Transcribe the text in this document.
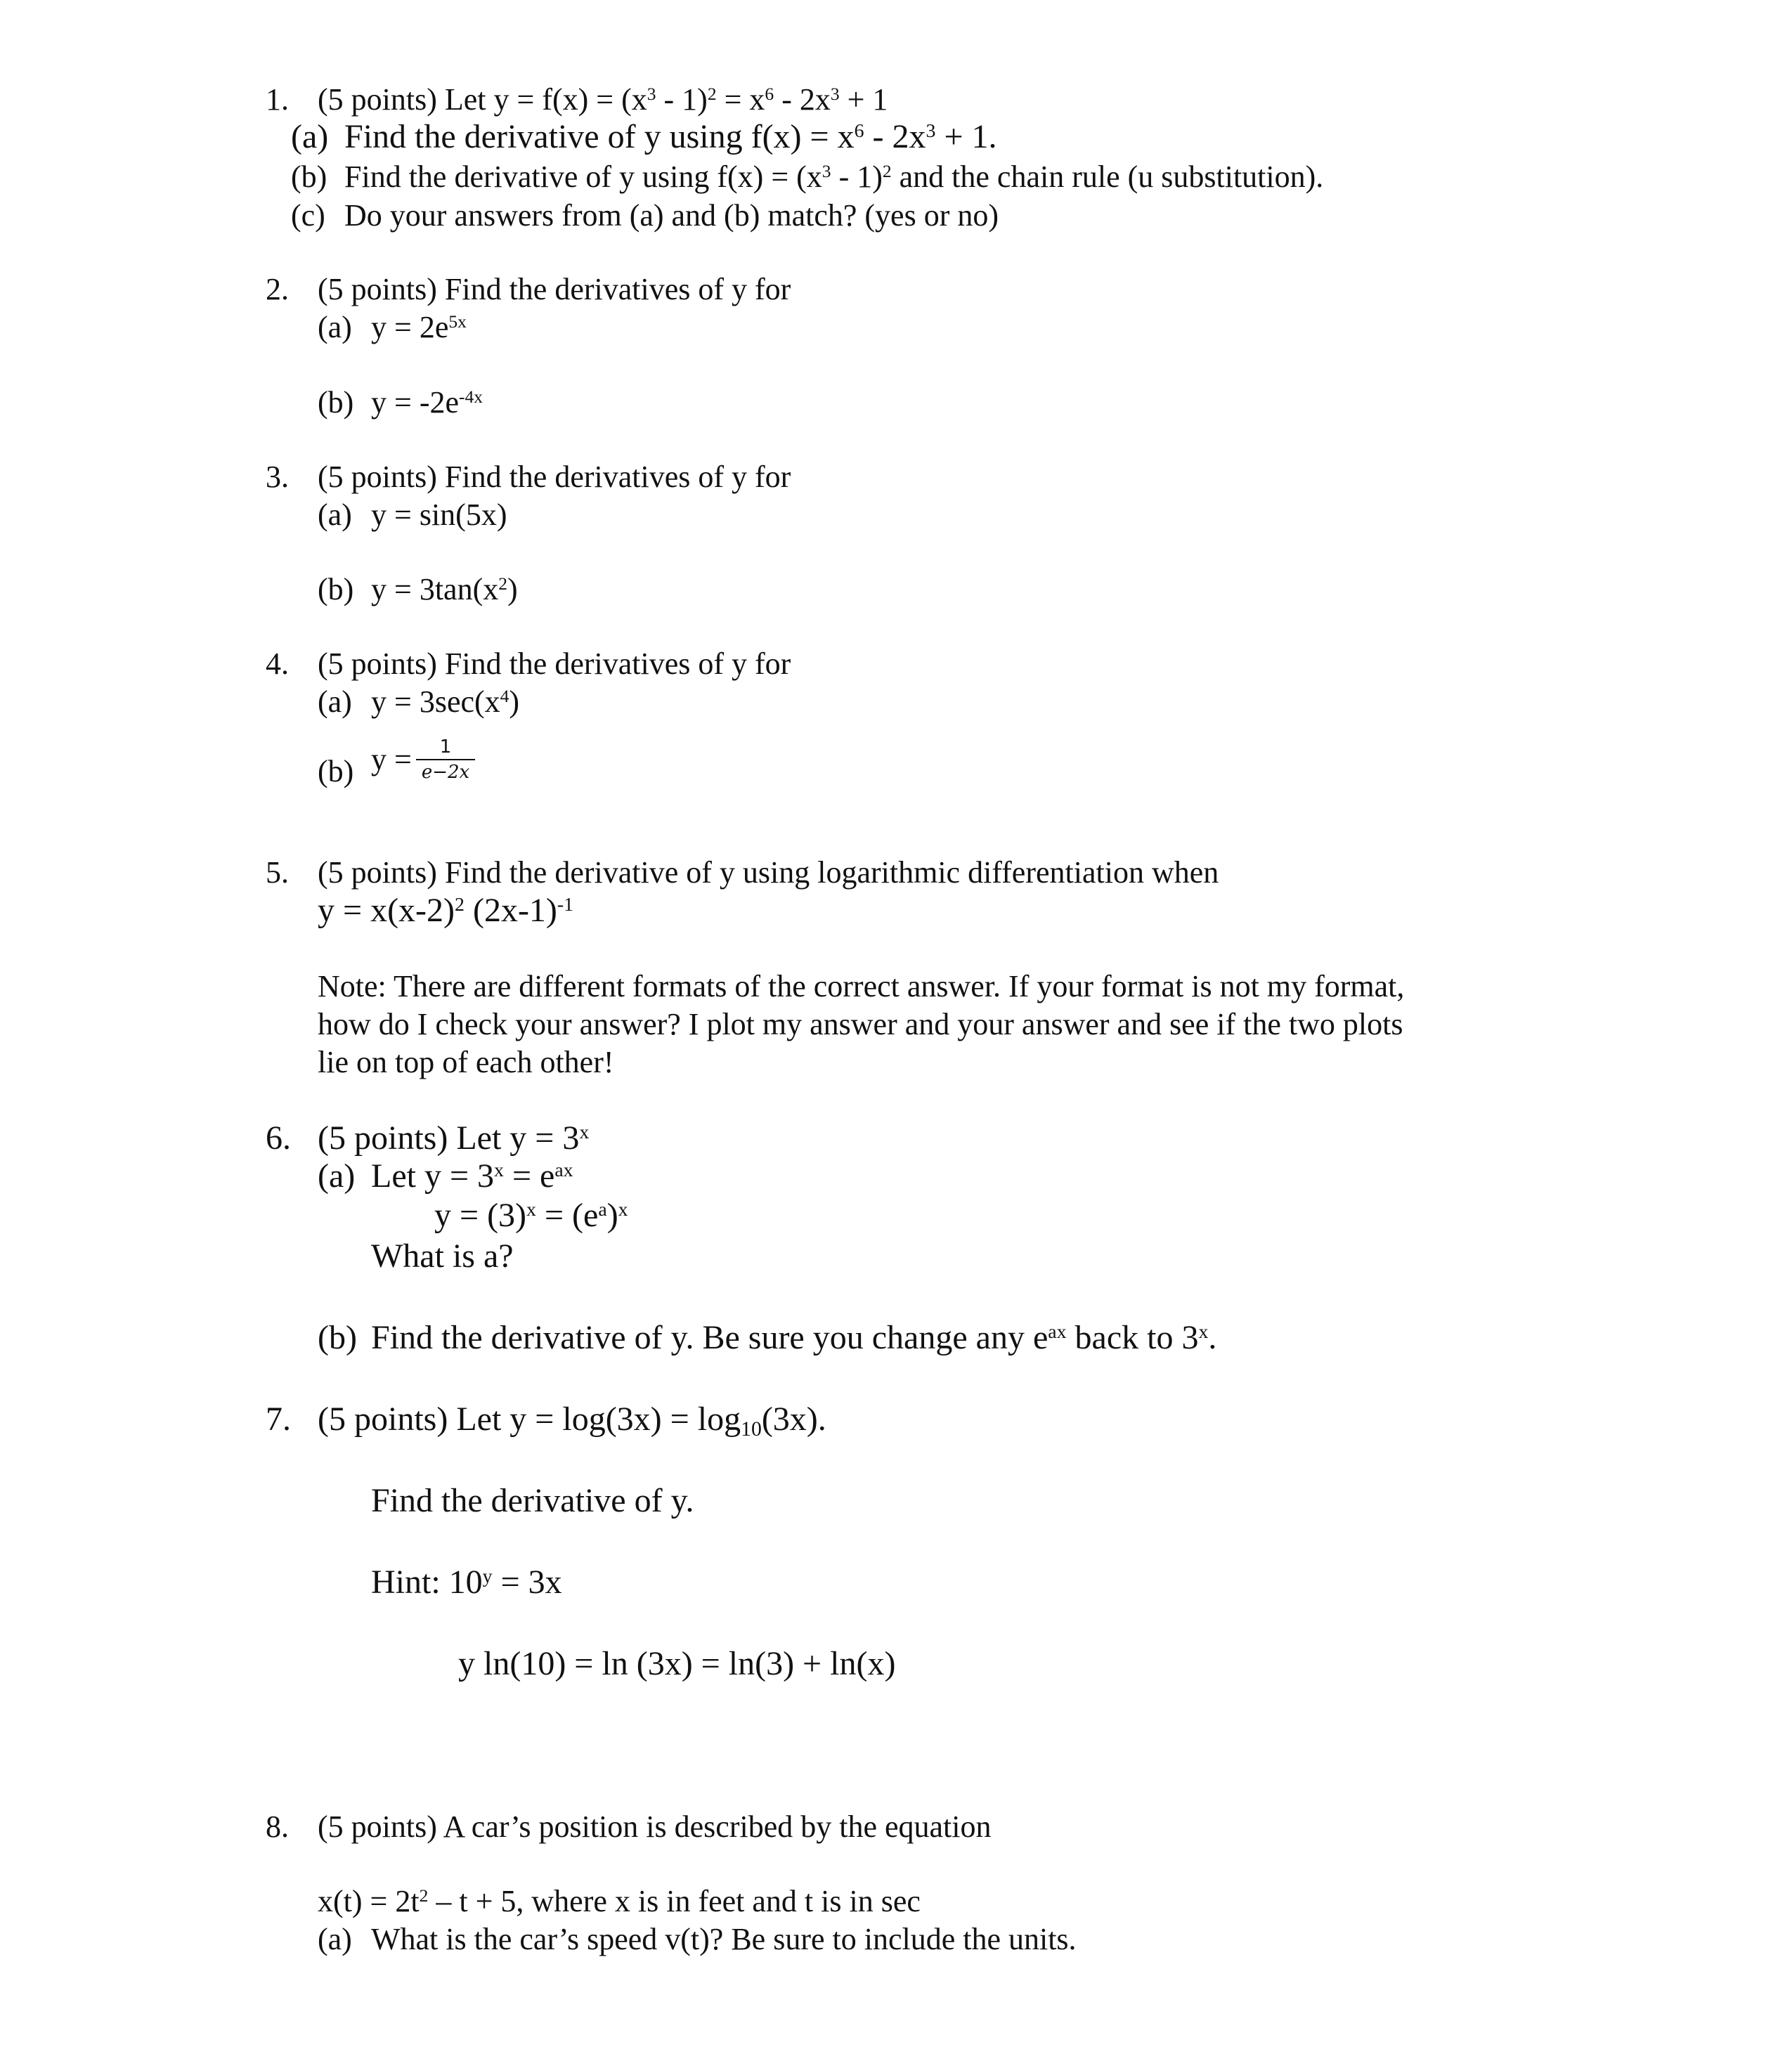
1. (5 points) Let $y = f(x) = (x^3 - 1)^2 = x^6 - 2x^3 + 1$
(a) Find the derivative of y using $f(x) = x^6 - 2x^3 + 1$.
(b) Find the derivative of y using $f(x) = (x^3 - 1)^2$ and the chain rule (u substitution).
(c) Do your answers from (a) and (b) match? (yes or no)
2. (5 points) Find the derivatives of y for
(a) $y = 2e^{5x}$
(b) $y = -2e^{-4x}$
3. (5 points) Find the derivatives of y for
(a) y = sin(5x)
(b) $y = 3\tan(x^2)$
4. (5 points) Find the derivatives of y for
(a) $y = 3\sec(x^4)$
(b) $y = \frac{1}{e-2x}$
5. (5 points) Find the derivative of y using logarithmic differentiation when
$y = x(x-2)^2$ $(2x-1)^{-1}$
Note: There are different formats of the correct answer. If your format is not my format,
how do I check your answer? I plot my answer and your answer and see if the two plots
lie on top of each other!
6. (5 points) Let $y = 3^x$
(a) Let $y = 3^x = e^{ax}$
$y = (3)^x = (e^a)^x$
What is a?
(b) Find the derivative of y. Be sure you change any $e^{ax}$ back to 3$^x$.
7. (5 points) Let $y = \log(3x) = \log_{10}(3x)$.
Find the derivative of y.
Hint: $10^y = 3x$
y ln(10) = ln (3x) = ln(3) + ln(x)
8. (5 points) A car’s position is described by the equation
$x(t) = 2t^2 - t + 5$, where x is in feet and t is in sec
(a) What is the car’s speed v(t)? Be sure to include the units.
